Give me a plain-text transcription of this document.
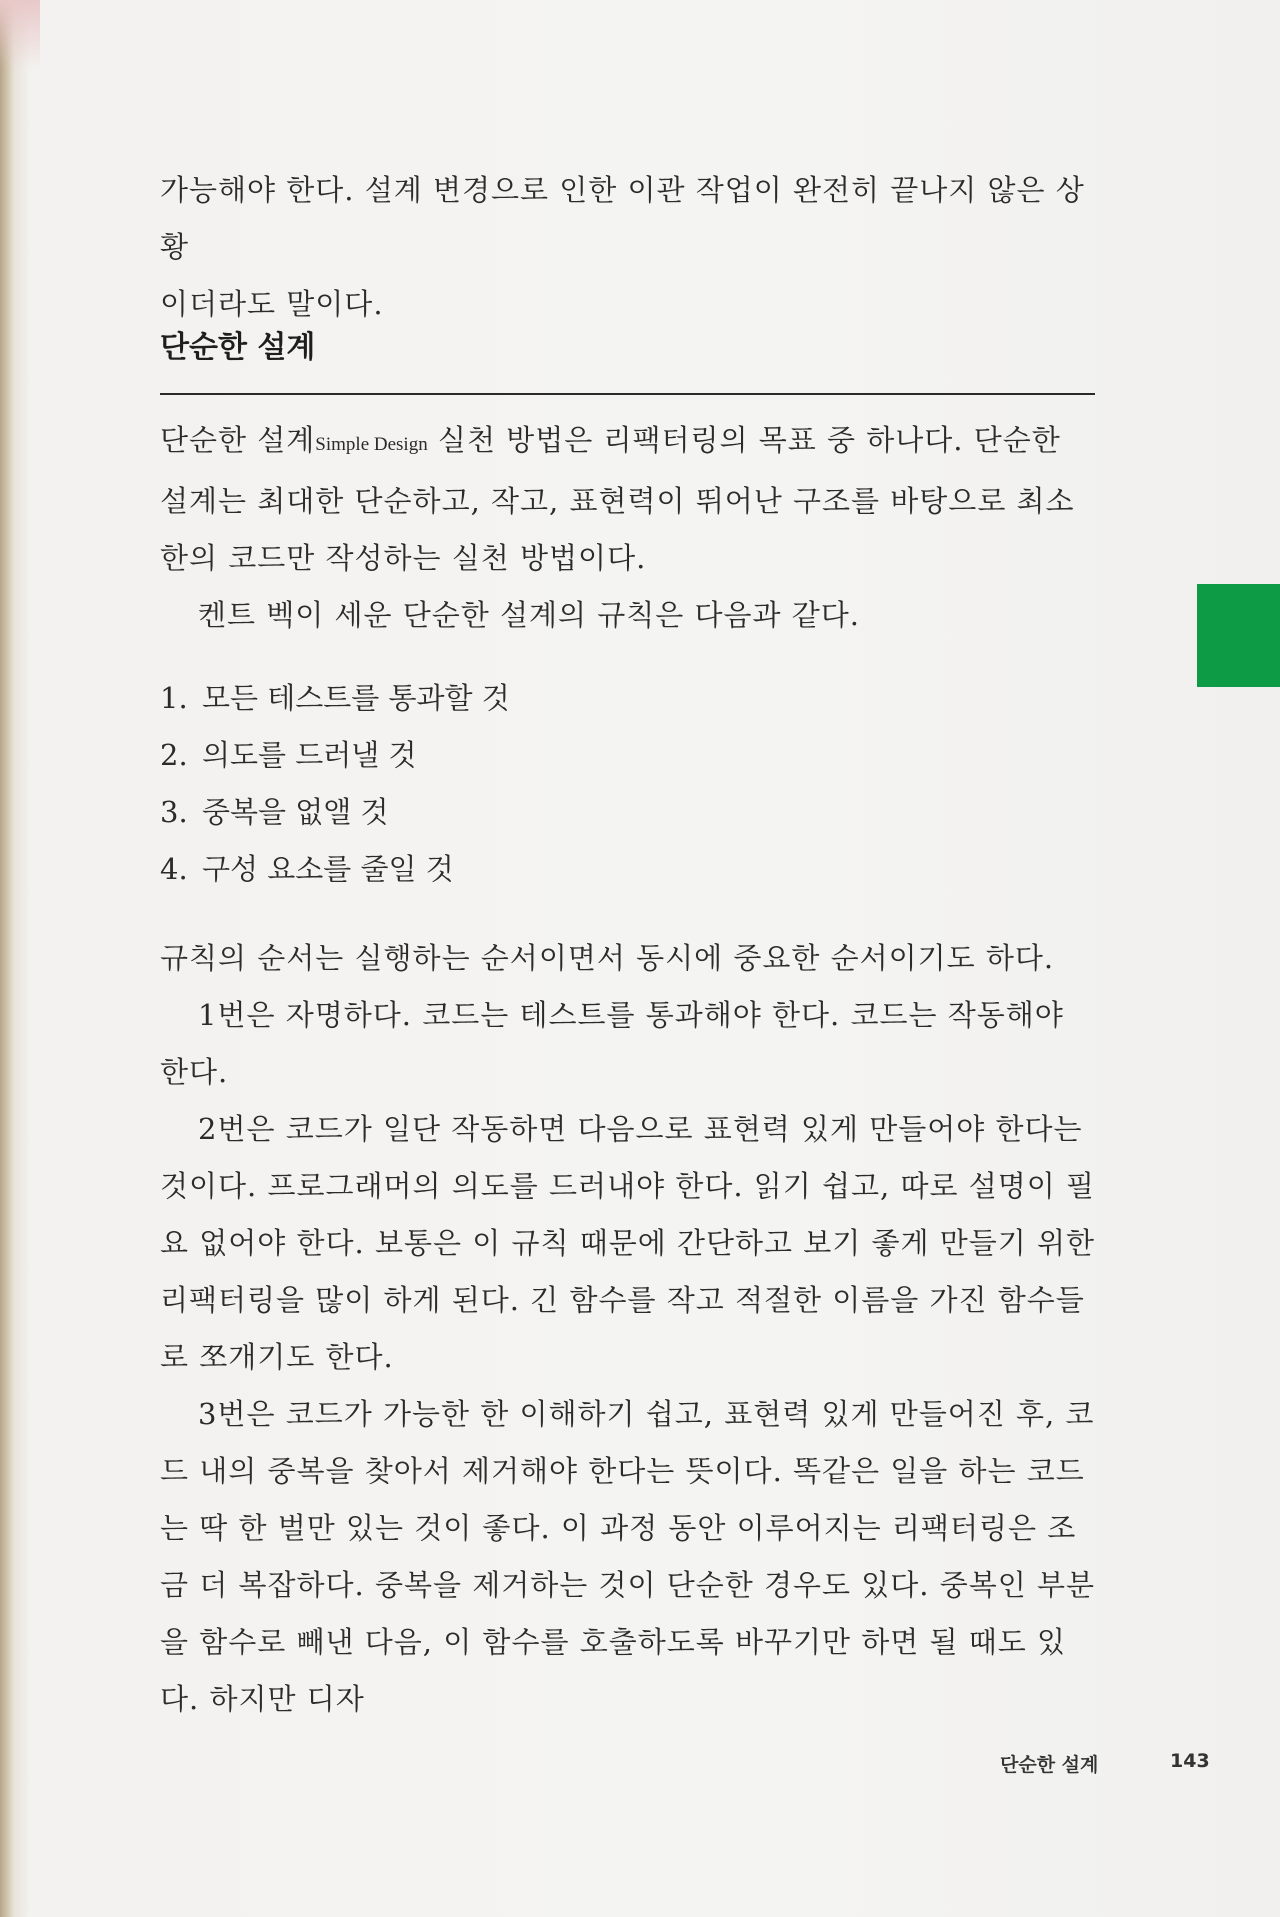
가능해야 한다. 설계 변경으로 인한 이관 작업이 완전히 끝나지 않은 상황

이더라도 말이다.

단순한 설계

단순한 설계Simple Design 실천 방법은 리팩터링의 목표 중 하나다. 단순한 설계는 최대한 단순하고, 작고, 표현력이 뛰어난 구조를 바탕으로 최소한의 코드만 작성하는 실천 방법이다.

켄트 벡이 세운 단순한 설계의 규칙은 다음과 같다.

1. 모든 테스트를 통과할 것
2. 의도를 드러낼 것
3. 중복을 없앨 것
4. 구성 요소를 줄일 것

규칙의 순서는 실행하는 순서이면서 동시에 중요한 순서이기도 하다.

1번은 자명하다. 코드는 테스트를 통과해야 한다. 코드는 작동해야 한다.

2번은 코드가 일단 작동하면 다음으로 표현력 있게 만들어야 한다는 것이다. 프로그래머의 의도를 드러내야 한다. 읽기 쉽고, 따로 설명이 필요 없어야 한다. 보통은 이 규칙 때문에 간단하고 보기 좋게 만들기 위한 리팩터링을 많이 하게 된다. 긴 함수를 작고 적절한 이름을 가진 함수들로 쪼개기도 한다.

3번은 코드가 가능한 한 이해하기 쉽고, 표현력 있게 만들어진 후, 코드 내의 중복을 찾아서 제거해야 한다는 뜻이다. 똑같은 일을 하는 코드는 딱 한 벌만 있는 것이 좋다. 이 과정 동안 이루어지는 리팩터링은 조금 더 복잡하다. 중복을 제거하는 것이 단순한 경우도 있다. 중복인 부분을 함수로 빼낸 다음, 이 함수를 호출하도록 바꾸기만 하면 될 때도 있다. 하지만 디자

단순한 설계	143
